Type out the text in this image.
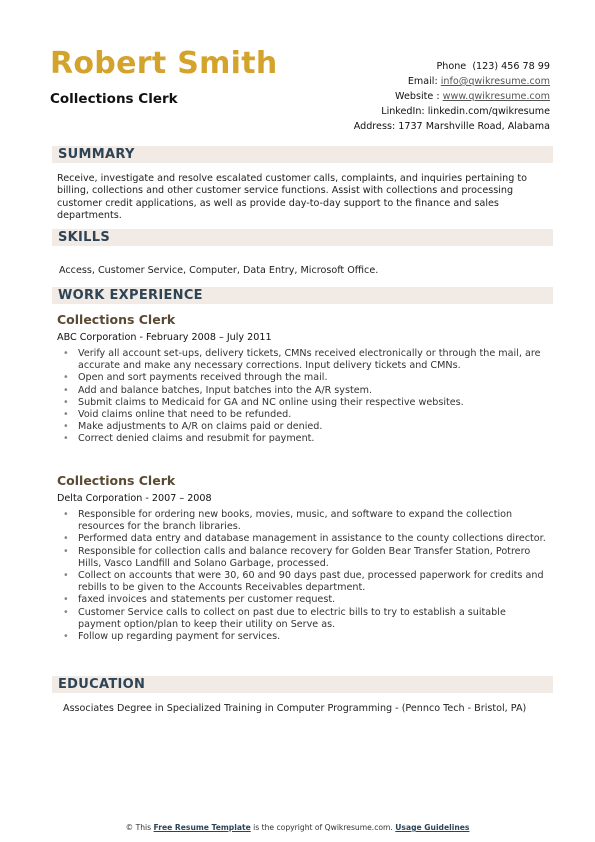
Robert Smith
Collections Clerk
Phone (123) 456 78 99
Email: info@qwikresume.com
Website : www.qwikresume.com
LinkedIn: linkedin.com/qwikresume
Address: 1737 Marshville Road, Alabama
SUMMARY
Receive, investigate and resolve escalated customer calls, complaints, and inquiries pertaining to billing, collections and other customer service functions. Assist with collections and processing customer credit applications, as well as provide day-to-day support to the finance and sales departments.
SKILLS
Access, Customer Service, Computer, Data Entry, Microsoft Office.
WORK EXPERIENCE
Collections Clerk
ABC Corporation - February 2008 – July 2011
• Verify all account set-ups, delivery tickets, CMNs received electronically or through the mail, are accurate and make any necessary corrections. Input delivery tickets and CMNs.
• Open and sort payments received through the mail.
• Add and balance batches, Input batches into the A/R system.
• Submit claims to Medicaid for GA and NC online using their respective websites.
• Void claims online that need to be refunded.
• Make adjustments to A/R on claims paid or denied.
• Correct denied claims and resubmit for payment.
Collections Clerk
Delta Corporation - 2007 – 2008
• Responsible for ordering new books, movies, music, and software to expand the collection resources for the branch libraries.
• Performed data entry and database management in assistance to the county collections director.
• Responsible for collection calls and balance recovery for Golden Bear Transfer Station, Potrero Hills, Vasco Landfill and Solano Garbage, processed.
• Collect on accounts that were 30, 60 and 90 days past due, processed paperwork for credits and rebills to be given to the Accounts Receivables department.
• faxed invoices and statements per customer request.
• Customer Service calls to collect on past due to electric bills to try to establish a suitable payment option/plan to keep their utility on Serve as.
• Follow up regarding payment for services.
EDUCATION
Associates Degree in Specialized Training in Computer Programming - (Pennco Tech - Bristol, PA)
© This Free Resume Template is the copyright of Qwikresume.com. Usage Guidelines
